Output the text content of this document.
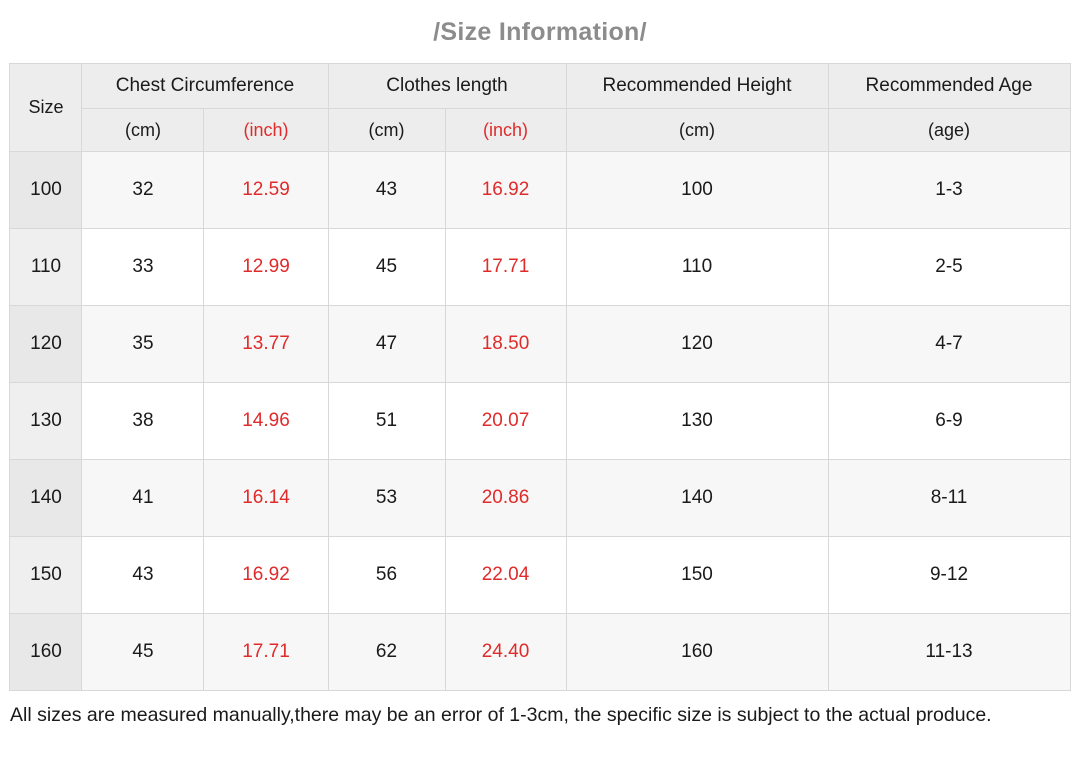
/Size Information/
Size	Chest Circumference		Clothes length		Recommended Height	Recommended Age
	(cm)	(inch)	(cm)	(inch)	(cm)	(age)
100	32	12.59	43	16.92	100	1-3
110	33	12.99	45	17.71	110	2-5
120	35	13.77	47	18.50	120	4-7
130	38	14.96	51	20.07	130	6-9
140	41	16.14	53	20.86	140	8-11
150	43	16.92	56	22.04	150	9-12
160	45	17.71	62	24.40	160	11-13
All sizes are measured manually,there may be an error of 1-3cm, the specific size is subject to the actual produce.
